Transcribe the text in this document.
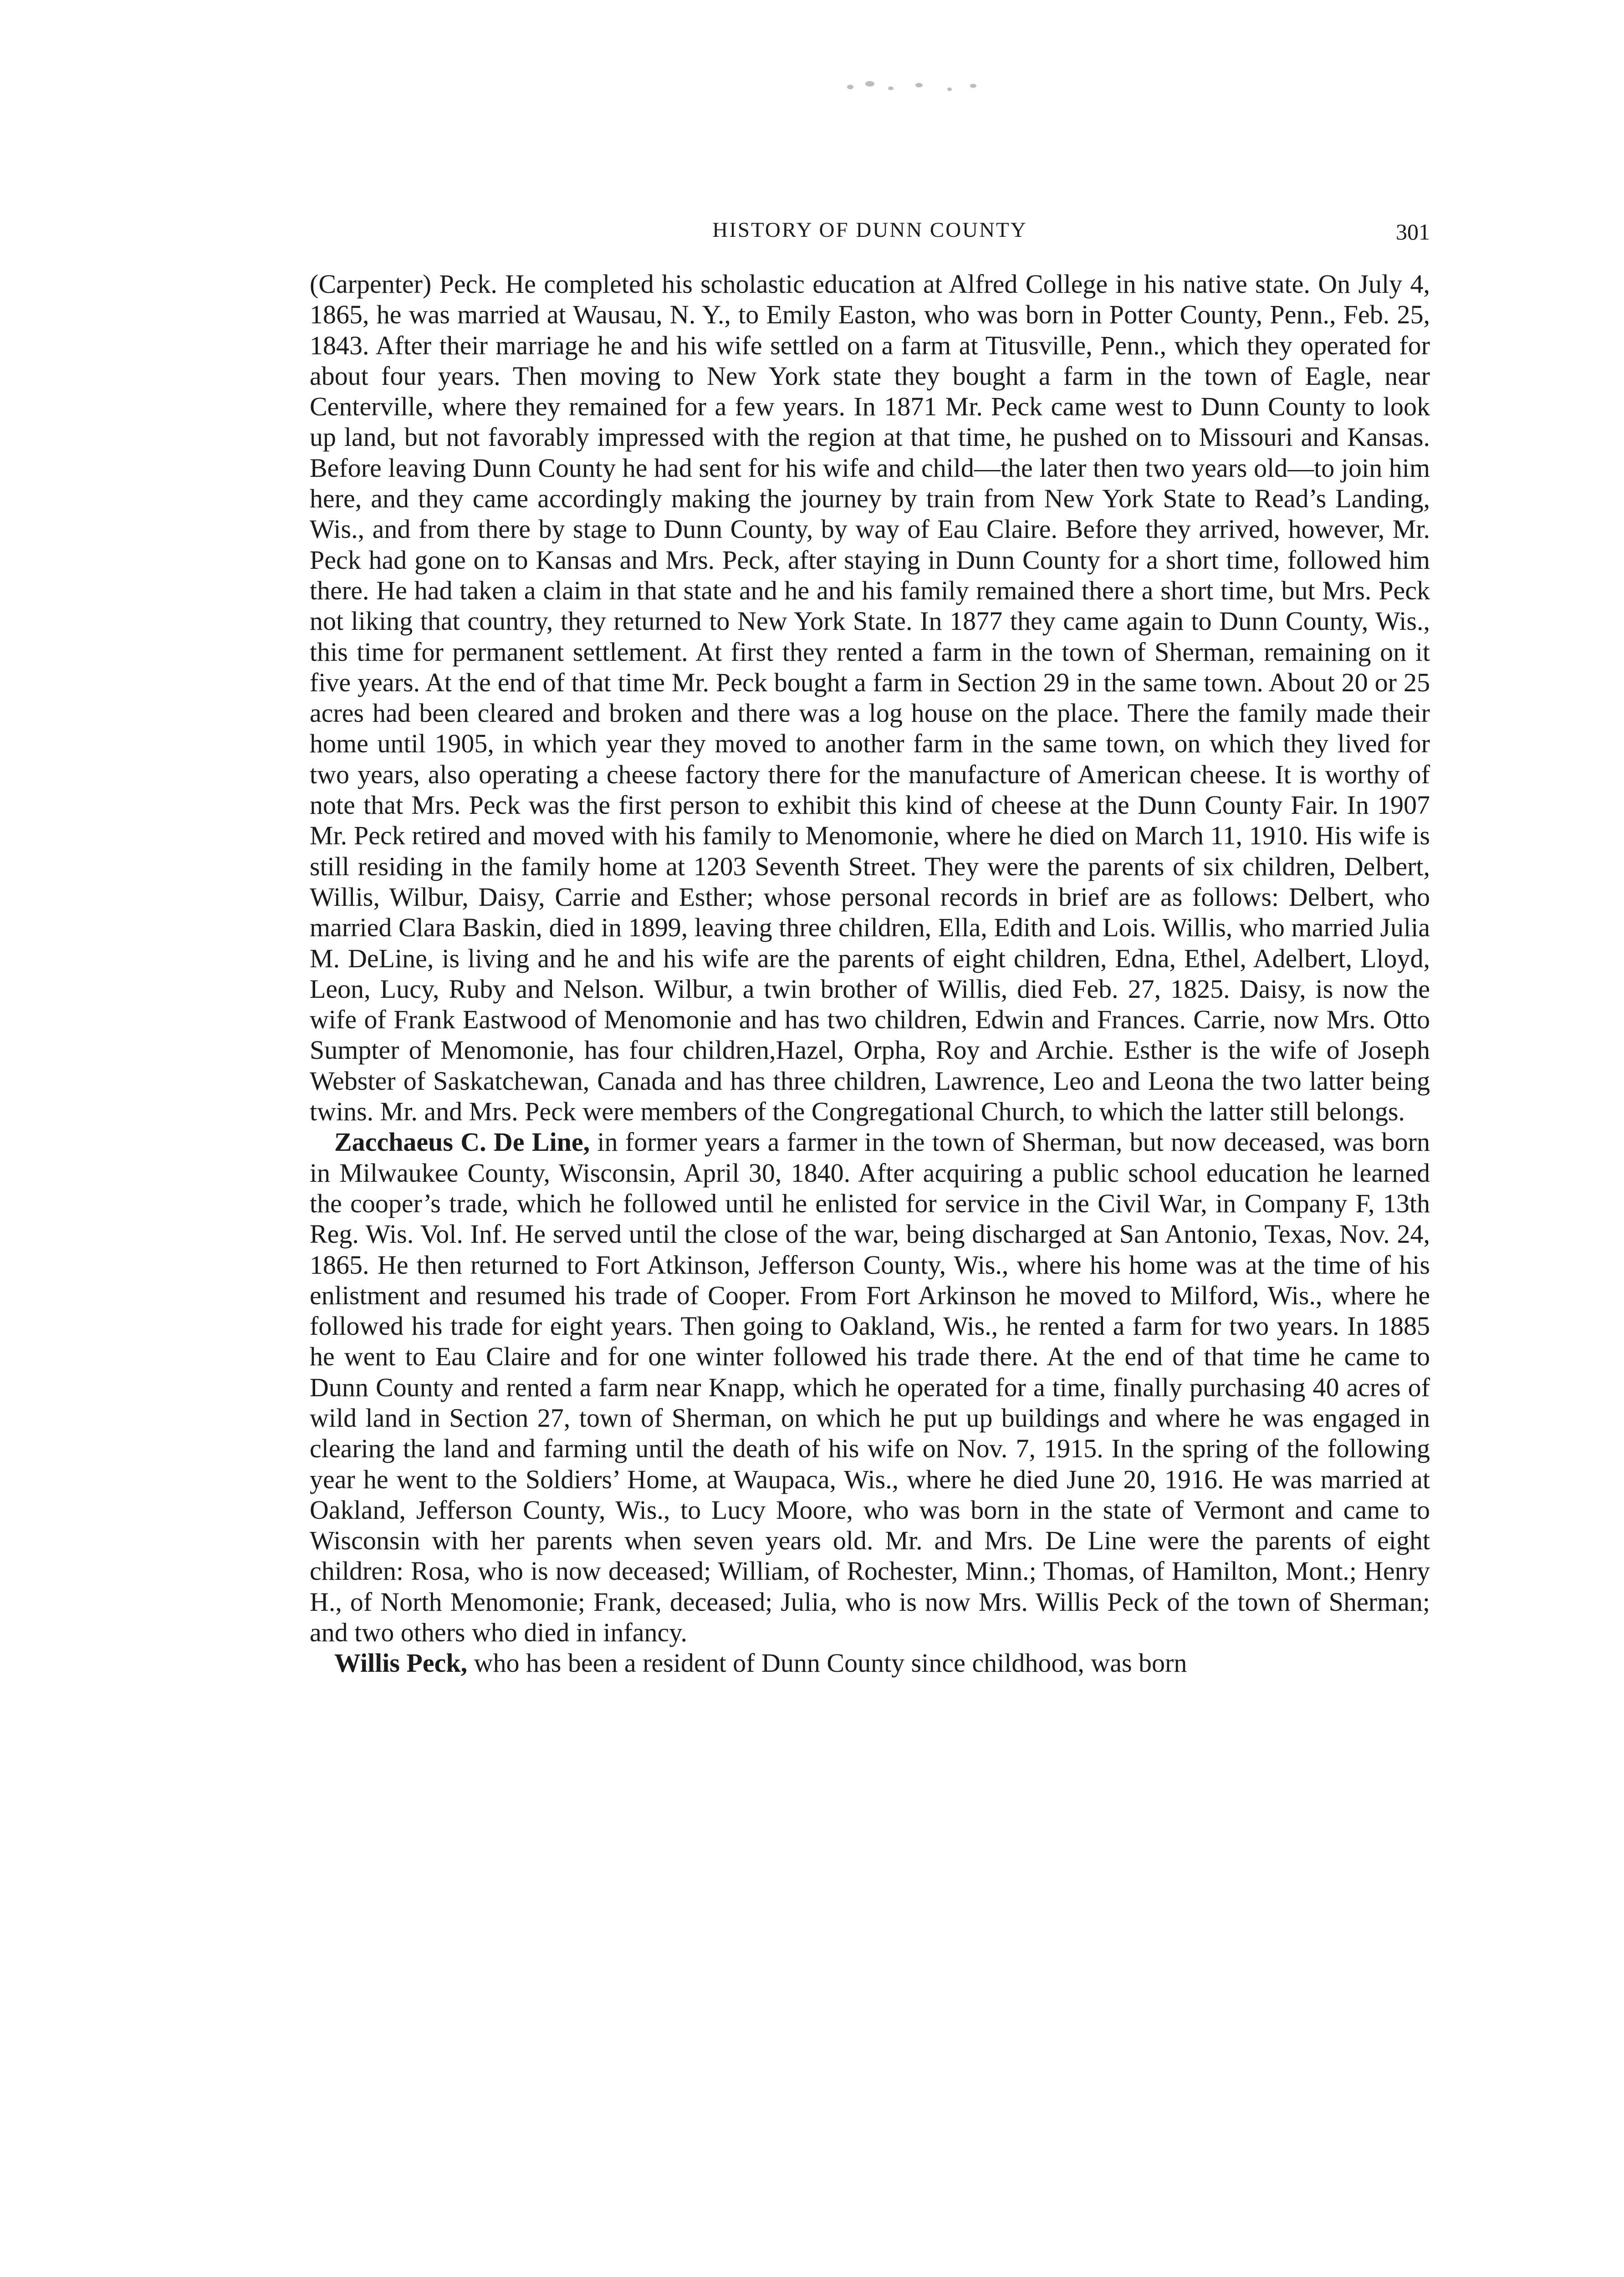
HISTORY OF DUNN COUNTY	301

(Carpenter) Peck. He completed his scholastic education at Alfred College in his native state. On July 4, 1865, he was married at Wausau, N. Y., to Emily Easton, who was born in Potter County, Penn., Feb. 25, 1843. After their marriage he and his wife settled on a farm at Titusville, Penn., which they operated for about four years. Then moving to New York state they bought a farm in the town of Eagle, near Centerville, where they remained for a few years. In 1871 Mr. Peck came west to Dunn County to look up land, but not favorably impressed with the region at that time, he pushed on to Missouri and Kansas. Before leaving Dunn County he had sent for his wife and child—the later then two years old—to join him here, and they came accordingly making the journey by train from New York State to Read’s Landing, Wis., and from there by stage to Dunn County, by way of Eau Claire. Before they arrived, however, Mr. Peck had gone on to Kansas and Mrs. Peck, after staying in Dunn County for a short time, followed him there. He had taken a claim in that state and he and his family remained there a short time, but Mrs. Peck not liking that country, they returned to New York State. In 1877 they came again to Dunn County, Wis., this time for permanent settlement. At first they rented a farm in the town of Sherman, remaining on it five years. At the end of that time Mr. Peck bought a farm in Section 29 in the same town. About 20 or 25 acres had been cleared and broken and there was a log house on the place. There the family made their home until 1905, in which year they moved to another farm in the same town, on which they lived for two years, also operating a cheese factory there for the manufacture of American cheese. It is worthy of note that Mrs. Peck was the first person to exhibit this kind of cheese at the Dunn County Fair. In 1907 Mr. Peck retired and moved with his family to Menomonie, where he died on March 11, 1910. His wife is still residing in the family home at 1203 Seventh Street. They were the parents of six children, Delbert, Willis, Wilbur, Daisy, Carrie and Esther; whose personal records in brief are as follows: Delbert, who married Clara Baskin, died in 1899, leaving three children, Ella, Edith and Lois. Willis, who married Julia M. DeLine, is living and he and his wife are the parents of eight children, Edna, Ethel, Adelbert, Lloyd, Leon, Lucy, Ruby and Nelson. Wilbur, a twin brother of Willis, died Feb. 27, 1825. Daisy, is now the wife of Frank Eastwood of Menomonie and has two children, Edwin and Frances. Carrie, now Mrs. Otto Sumpter of Menomonie, has four children,Hazel, Orpha, Roy and Archie. Esther is the wife of Joseph Webster of Saskatchewan, Canada and has three children, Lawrence, Leo and Leona the two latter being twins. Mr. and Mrs. Peck were members of the Congregational Church, to which the latter still belongs.

Zacchaeus C. De Line, in former years a farmer in the town of Sherman, but now deceased, was born in Milwaukee County, Wisconsin, April 30, 1840. After acquiring a public school education he learned the cooper’s trade, which he followed until he enlisted for service in the Civil War, in Company F, 13th Reg. Wis. Vol. Inf. He served until the close of the war, being discharged at San Antonio, Texas, Nov. 24, 1865. He then returned to Fort Atkinson, Jefferson County, Wis., where his home was at the time of his enlistment and resumed his trade of Cooper. From Fort Arkinson he moved to Milford, Wis., where he followed his trade for eight years. Then going to Oakland, Wis., he rented a farm for two years. In 1885 he went to Eau Claire and for one winter followed his trade there. At the end of that time he came to Dunn County and rented a farm near Knapp, which he operated for a time, finally purchasing 40 acres of wild land in Section 27, town of Sherman, on which he put up buildings and where he was engaged in clearing the land and farming until the death of his wife on Nov. 7, 1915. In the spring of the following year he went to the Soldiers’ Home, at Waupaca, Wis., where he died June 20, 1916. He was married at Oakland, Jefferson County, Wis., to Lucy Moore, who was born in the state of Vermont and came to Wisconsin with her parents when seven years old. Mr. and Mrs. De Line were the parents of eight children: Rosa, who is now deceased; William, of Rochester, Minn.; Thomas, of Hamilton, Mont.; Henry H., of North Menomonie; Frank, deceased; Julia, who is now Mrs. Willis Peck of the town of Sherman; and two others who died in infancy.

Willis Peck, who has been a resident of Dunn County since childhood, was born
